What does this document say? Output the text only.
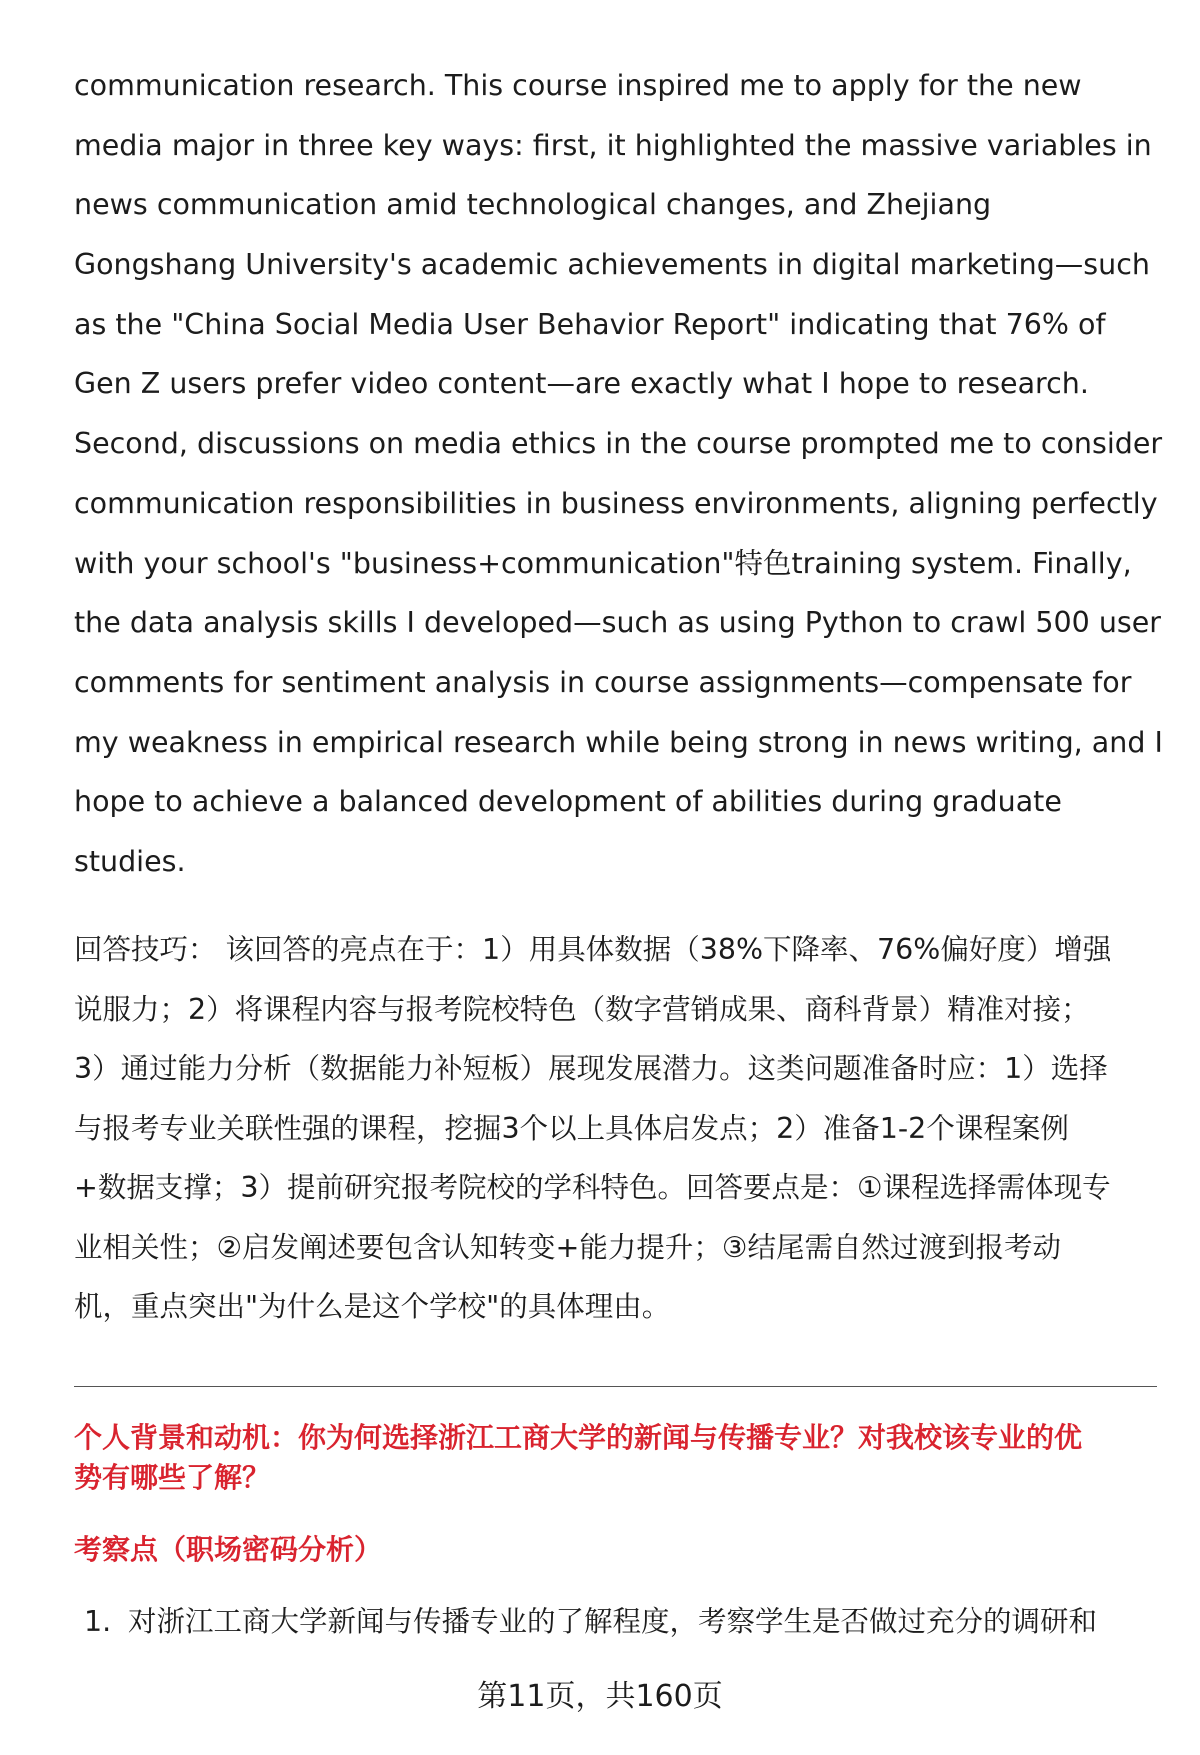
communication research. This course inspired me to apply for the new
media major in three key ways: first, it highlighted the massive variables in
news communication amid technological changes, and Zhejiang
Gongshang University's academic achievements in digital marketing—such
as the "China Social Media User Behavior Report" indicating that 76% of
Gen Z users prefer video content—are exactly what I hope to research.
Second, discussions on media ethics in the course prompted me to consider
communication responsibilities in business environments, aligning perfectly
with your school's "business+communication"特色training system. Finally,
the data analysis skills I developed—such as using Python to crawl 500 user
comments for sentiment analysis in course assignments—compensate for
my weakness in empirical research while being strong in news writing, and I
hope to achieve a balanced development of abilities during graduate
studies.
回答技巧： 该回答的亮点在于：1）用具体数据（38%下降率、76%偏好度）增强
说服力；2）将课程内容与报考院校特色（数字营销成果、商科背景）精准对接；
3）通过能力分析（数据能力补短板）展现发展潜力。这类问题准备时应：1）选择
与报考专业关联性强的课程，挖掘3个以上具体启发点；2）准备1-2个课程案例
+数据支撑；3）提前研究报考院校的学科特色。回答要点是：①课程选择需体现专
业相关性；②启发阐述要包含认知转变+能力提升；③结尾需自然过渡到报考动
机，重点突出"为什么是这个学校"的具体理由。
个人背景和动机：你为何选择浙江工商大学的新闻与传播专业？对我校该专业的优
势有哪些了解？
考察点（职场密码分析）
1. 对浙江工商大学新闻与传播专业的了解程度，考察学生是否做过充分的调研和
第11页，共160页
